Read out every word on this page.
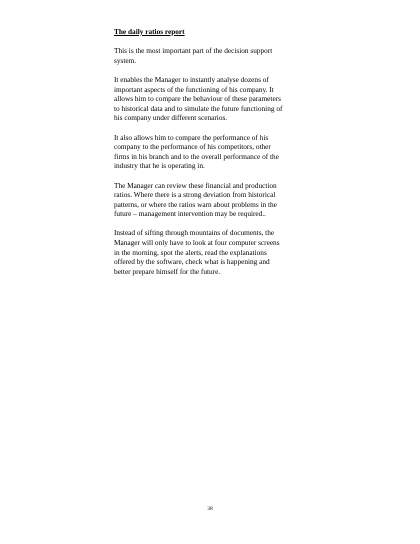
The daily ratios report

This is the most important part of the decision support
system.

It enables the Manager to instantly analyse dozens of
important aspects of the functioning of his company. It
allows him to compare the behaviour of these parameters
to historical data and to simulate the future functioning of
his company under different scenarios.

It also allows him to compare the performance of his
company to the performance of his competitors, other
firms in his branch and to the overall performance of the
industry that he is operating in.

The Manager can review these financial and production
ratios. Where there is a strong deviation from historical
patterns, or where the ratios warn about problems in the
future – management intervention may be required..

Instead of sifting through mountains of documents, the
Manager will only have to look at four computer screens
in the morning, spot the alerts, read the explanations
offered by the software, check what is happening and
better prepare himself for the future.

38
